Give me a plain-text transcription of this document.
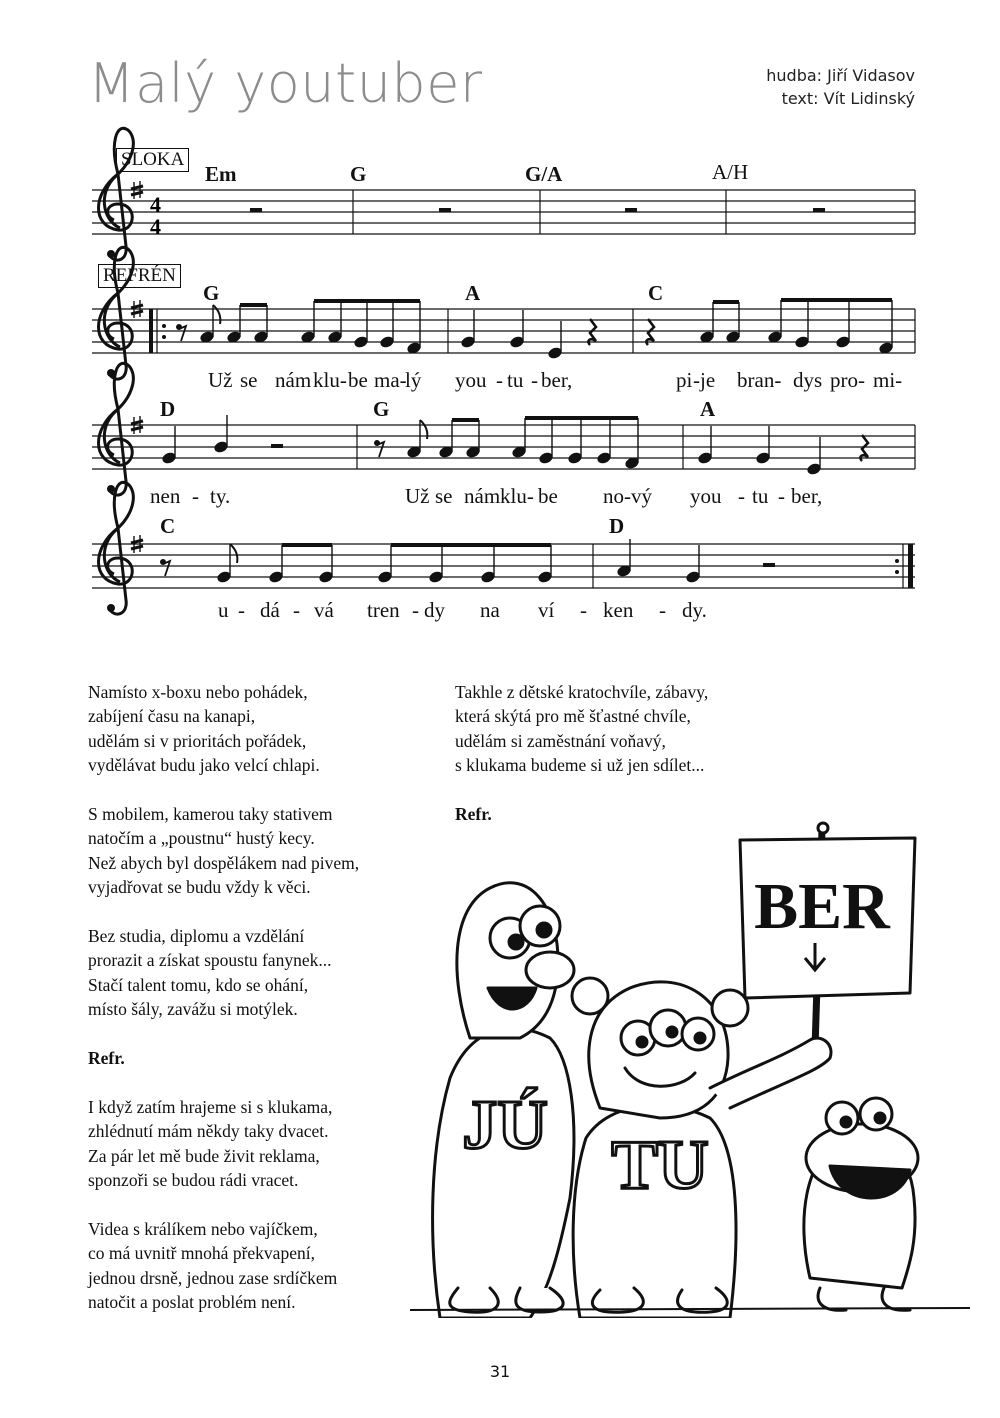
Malý youtuber	hudba: Jiří Vidasov
text: Vít Lidinský
4
4
SLOKA
REFRÉN
Em	G	G/A	A/H
G	A	C
D	G	A
C	D
Už se nám klu- be ma-
lý you - tu - ber,	pi -je bran- dys pro- mi-
nen - ty.	Už se nám klu- be no- vý you - tu - ber,
u - dá - vá tren - dy na ví - ken - dy.
Namísto x-boxu nebo pohádek,
zabíjení času na kanapi,
udělám si v prioritách pořádek,
vydělávat budu jako velcí chlapi.
S mobilem, kamerou taky stativem
natočím a „poustnu“ hustý kecy.
Než abych byl dospělákem nad pivem,
vyjadřovat se budu vždy k věci.
Bez studia, diplomu a vzdělání
prorazit a získat spoustu fanynek...
Stačí talent tomu, kdo se ohání,
místo šály, zavážu si motýlek.
Refr.
I když zatím hrajeme si s klukama,
zhlédnutí mám někdy taky dvacet.
Za pár let mě bude živit reklama,
sponzoři se budou rádi vracet.
Videa s králíkem nebo vajíčkem,
co má uvnitř mnohá překvapení,
jednou drsně, jednou zase srdíčkem
natočit a poslat problém není.
Takhle z dětské kratochvíle, zábavy,
která skýtá pro mě šťastné chvíle,
udělám si zaměstnání voňavý,
s klukama budeme si už jen sdílet...
Refr.
BER
JÚ
TU
31
